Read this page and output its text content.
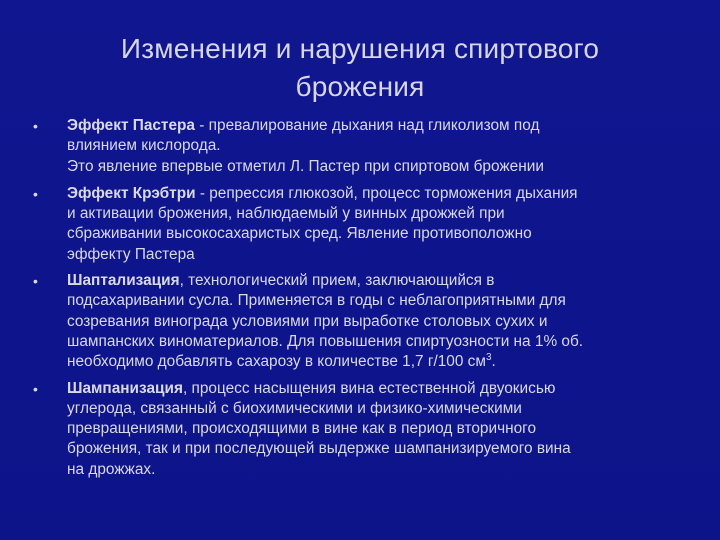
Изменения и нарушения спиртового
брожения
•	Эффект Пастера - превалирование дыхания над гликолизом под
влиянием кислорода.
Это явление впервые отметил Л. Пастер при спиртовом брожении
•	Эффект Крэбтри - репрессия глюкозой, процесс торможения дыхания
и активации брожения, наблюдаемый у винных дрожжей при
сбраживании высокосахаристых сред. Явление противоположно
эффекту Пастера
•	Шаптализация, технологический прием, заключающийся в
подсахаривании сусла. Применяется в годы с неблагоприятными для
созревания винограда условиями при выработке столовых сухих и
шампанских виноматериалов. Для повышения спиртуозности на 1% об.
необходимо добавлять сахарозу в количестве 1,7 г/100 $см^3$.
•	Шампанизация, процесс насыщения вина естественной двуокисью
углерода, связанный с биохимическими и физико-химическими
превращениями, происходящими в вине как в период вторичного
брожения, так и при последующей выдержке шампанизируемого вина
на дрожжах.
